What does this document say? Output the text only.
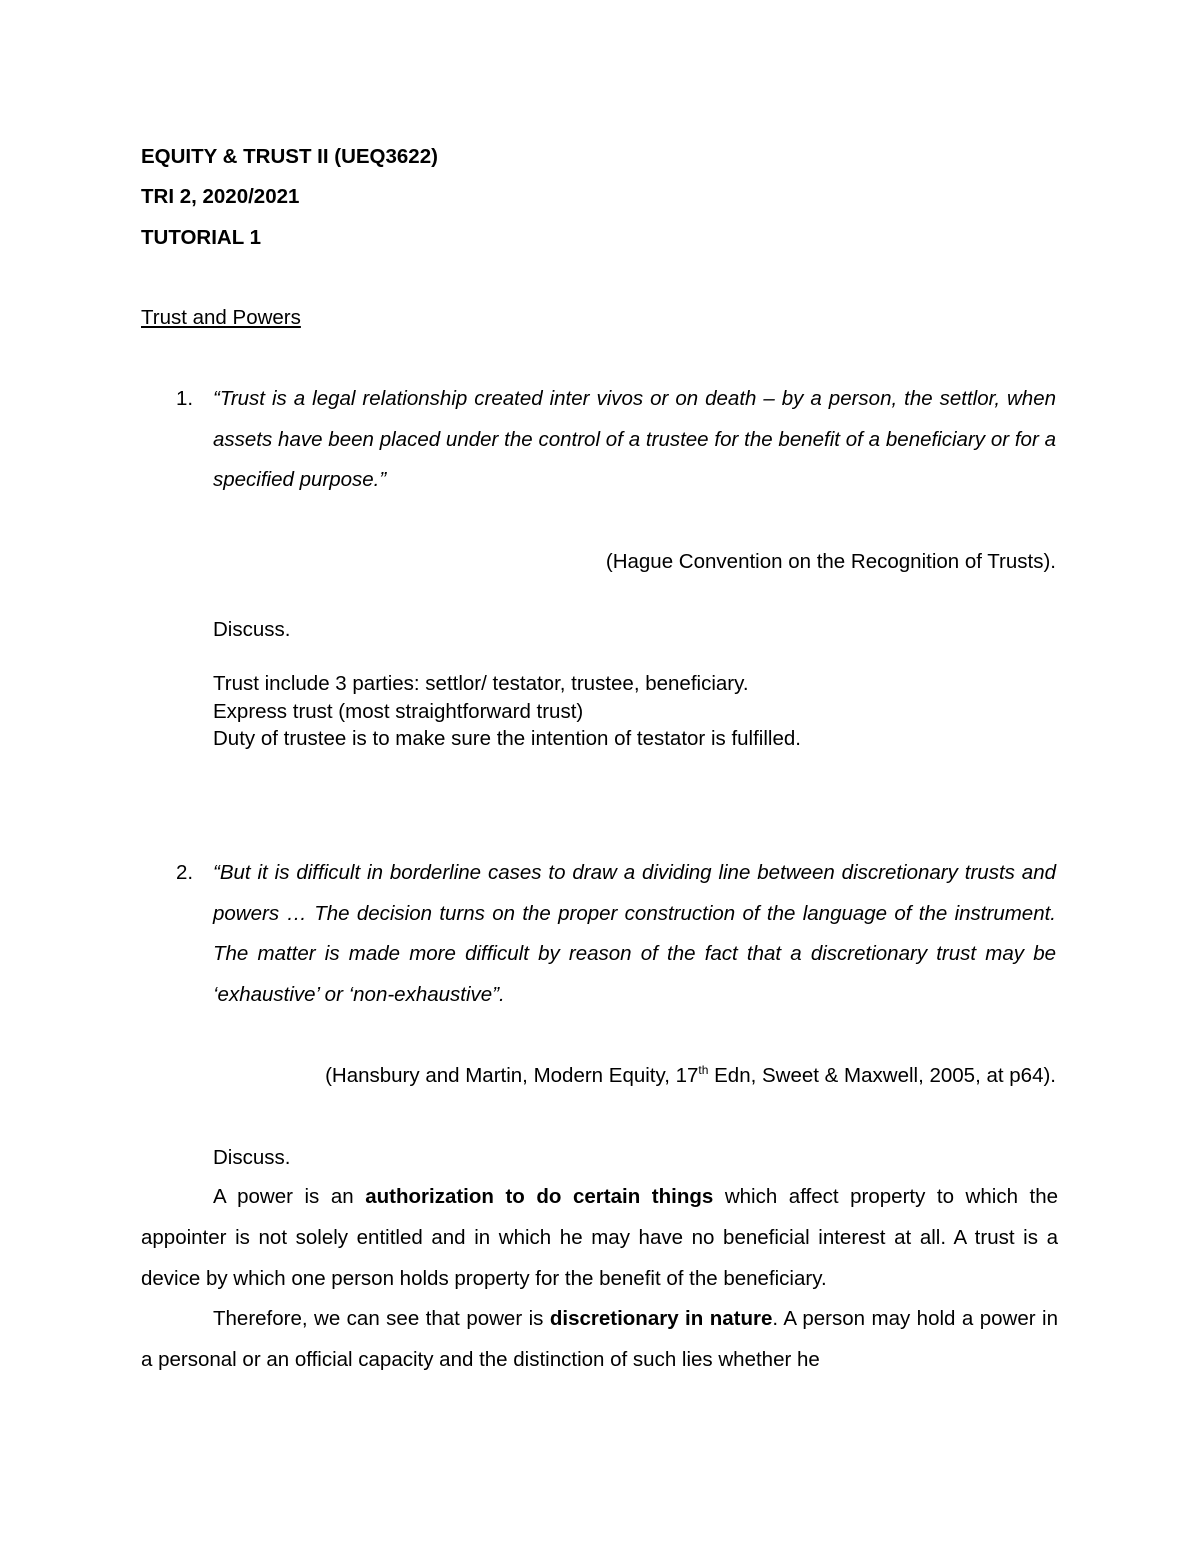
EQUITY & TRUST II (UEQ3622)
TRI 2, 2020/2021
TUTORIAL 1
Trust and Powers
1. “Trust is a legal relationship created inter vivos or on death – by a person, the settlor, when assets have been placed under the control of a trustee for the benefit of a beneficiary or for a specified purpose.”
(Hague Convention on the Recognition of Trusts).
Discuss.
Trust include 3 parties: settlor/ testator, trustee, beneficiary.
Express trust (most straightforward trust)
Duty of trustee is to make sure the intention of testator is fulfilled.
2. “But it is difficult in borderline cases to draw a dividing line between discretionary trusts and powers … The decision turns on the proper construction of the language of the instrument. The matter is made more difficult by reason of the fact that a discretionary trust may be ‘exhaustive’ or ‘non-exhaustive”.
(Hansbury and Martin, Modern Equity, 17th Edn, Sweet & Maxwell, 2005, at p64).
Discuss.
A power is an authorization to do certain things which affect property to which the appointer is not solely entitled and in which he may have no beneficial interest at all. A trust is a device by which one person holds property for the benefit of the beneficiary.
Therefore, we can see that power is discretionary in nature. A person may hold a power in a personal or an official capacity and the distinction of such lies whether he
